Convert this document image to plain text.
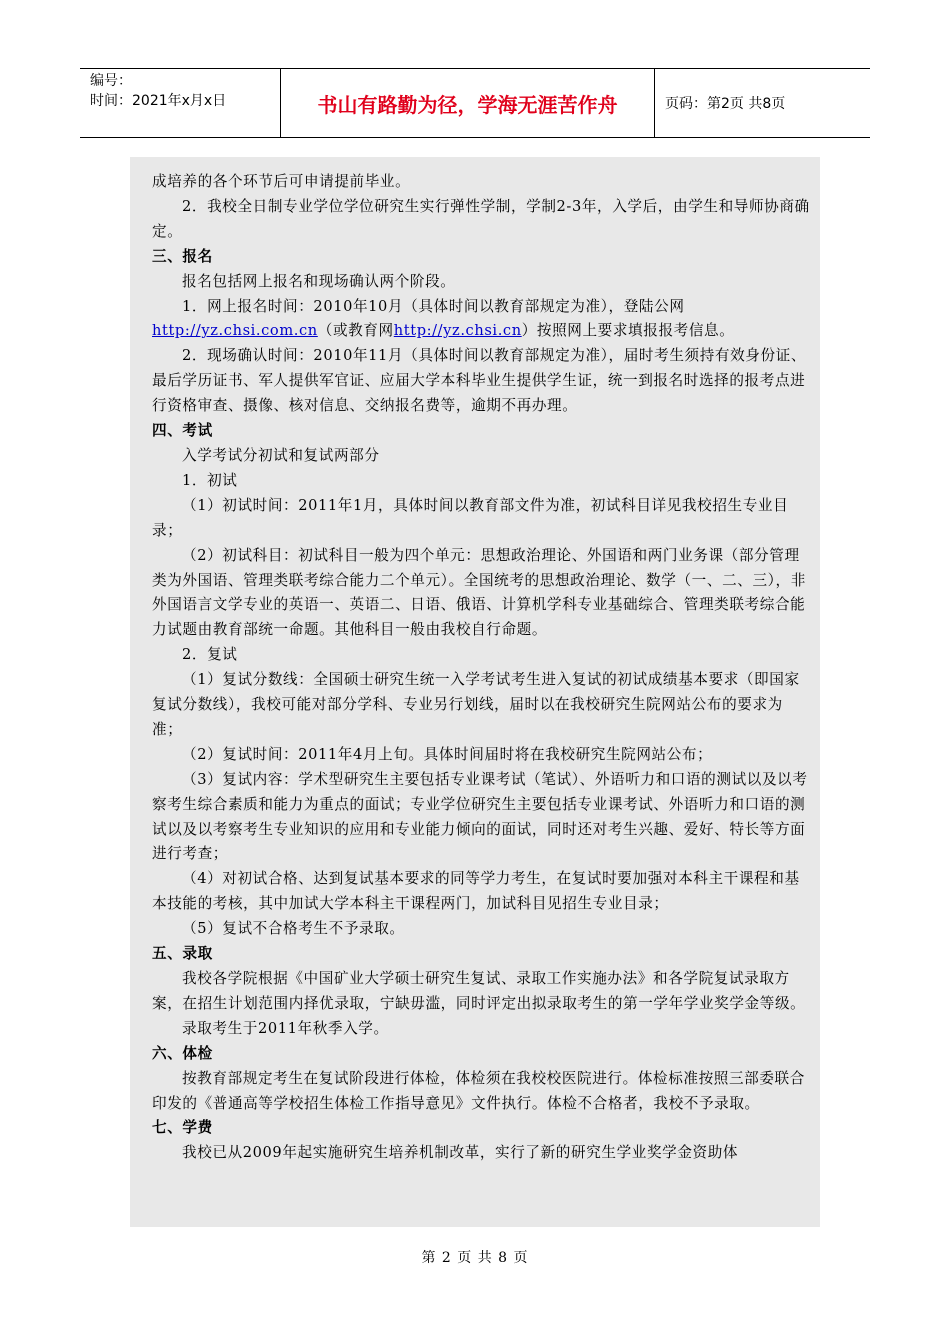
编号：
时间：2021年x月x日	书山有路勤为径，学海无涯苦作舟	页码：第2页 共8页

成培养的各个环节后可申请提前毕业。

2．我校全日制专业学位学位研究生实行弹性学制，学制2-3年，入学后，由学生和导师协商确定。

三、报名

报名包括网上报名和现场确认两个阶段。

1．网上报名时间：2010年10月（具体时间以教育部规定为准），登陆公网http://yz.chsi.com.cn（或教育网http://yz.chsi.cn）按照网上要求填报报考信息。

2．现场确认时间：2010年11月（具体时间以教育部规定为准），届时考生须持有效身份证、最后学历证书、军人提供军官证、应届大学本科毕业生提供学生证，统一到报名时选择的报考点进行资格审查、摄像、核对信息、交纳报名费等，逾期不再办理。

四、考试

入学考试分初试和复试两部分

1．初试

（1）初试时间：2011年1月，具体时间以教育部文件为准，初试科目详见我校招生专业目录；

（2）初试科目：初试科目一般为四个单元：思想政治理论、外国语和两门业务课（部分管理类为外国语、管理类联考综合能力二个单元）。全国统考的思想政治理论、数学（一、二、三），非外国语言文学专业的英语一、英语二、日语、俄语、计算机学科专业基础综合、管理类联考综合能力试题由教育部统一命题。其他科目一般由我校自行命题。

2．复试

（1）复试分数线：全国硕士研究生统一入学考试考生进入复试的初试成绩基本要求（即国家复试分数线），我校可能对部分学科、专业另行划线，届时以在我校研究生院网站公布的要求为准；

（2）复试时间：2011年4月上旬。具体时间届时将在我校研究生院网站公布；

（3）复试内容：学术型研究生主要包括专业课考试（笔试）、外语听力和口语的测试以及以考察考生综合素质和能力为重点的面试；专业学位研究生主要包括专业课考试、外语听力和口语的测试以及以考察考生专业知识的应用和专业能力倾向的面试，同时还对考生兴趣、爱好、特长等方面进行考查；

（4）对初试合格、达到复试基本要求的同等学力考生，在复试时要加强对本科主干课程和基本技能的考核，其中加试大学本科主干课程两门，加试科目见招生专业目录；

（5）复试不合格考生不予录取。

五、录取

我校各学院根据《中国矿业大学硕士研究生复试、录取工作实施办法》和各学院复试录取方案，在招生计划范围内择优录取，宁缺毋滥，同时评定出拟录取考生的第一学年学业奖学金等级。

录取考生于2011年秋季入学。

六、体检

按教育部规定考生在复试阶段进行体检，体检须在我校校医院进行。体检标准按照三部委联合印发的《普通高等学校招生体检工作指导意见》文件执行。体检不合格者，我校不予录取。

七、学费

我校已从2009年起实施研究生培养机制改革，实行了新的研究生学业奖学金资助体

第 2 页 共 8 页
